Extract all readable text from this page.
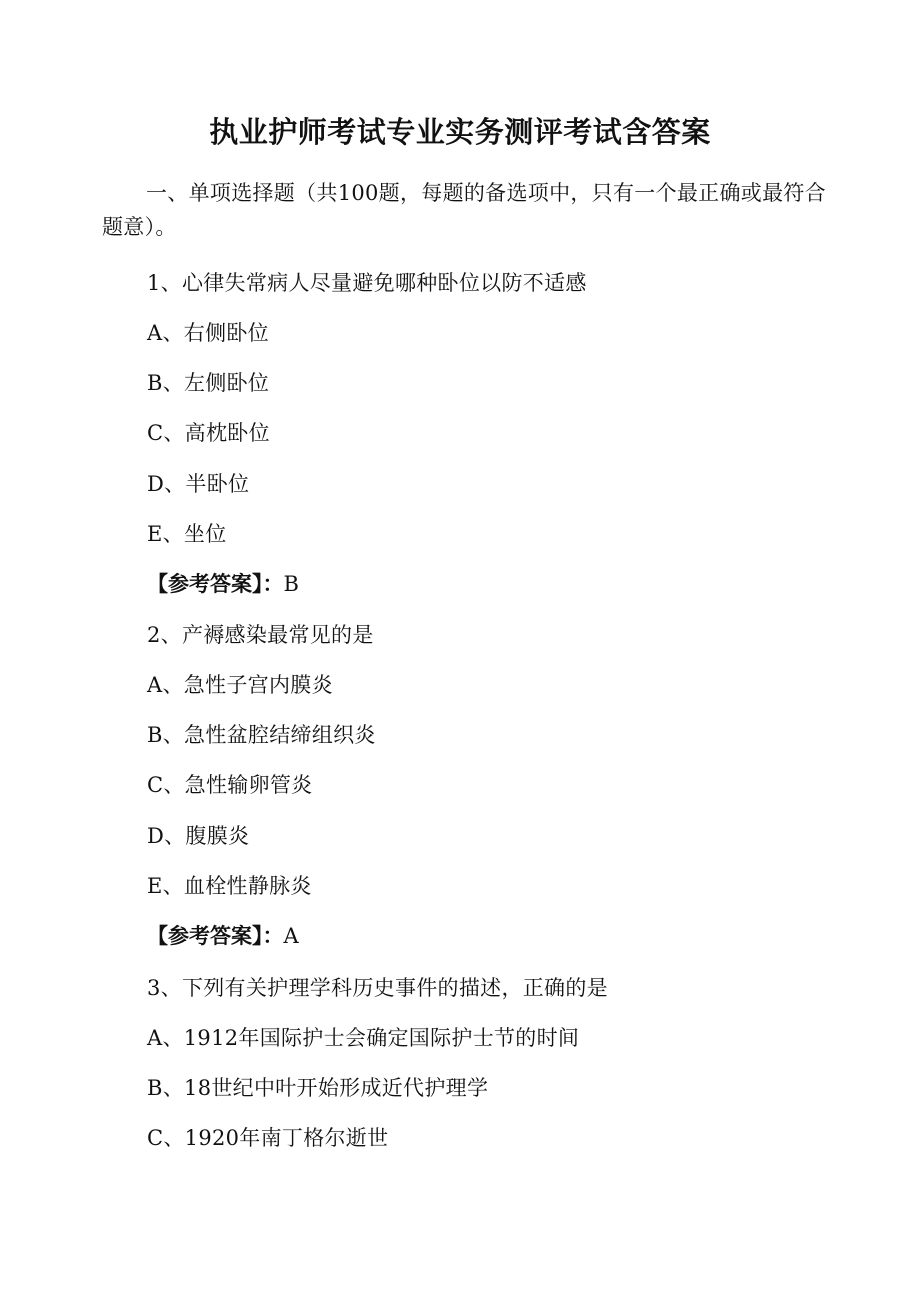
执业护师考试专业实务测评考试含答案
一、单项选择题（共100题，每题的备选项中，只有一个最正确或最符合题意）。
1、心律失常病人尽量避免哪种卧位以防不适感
A、右侧卧位
B、左侧卧位
C、高枕卧位
D、半卧位
E、坐位
【参考答案】：B
2、产褥感染最常见的是
A、急性子宫内膜炎
B、急性盆腔结缔组织炎
C、急性输卵管炎
D、腹膜炎
E、血栓性静脉炎
【参考答案】：A
3、下列有关护理学科历史事件的描述，正确的是
A、1912年国际护士会确定国际护士节的时间
B、18世纪中叶开始形成近代护理学
C、1920年南丁格尔逝世
